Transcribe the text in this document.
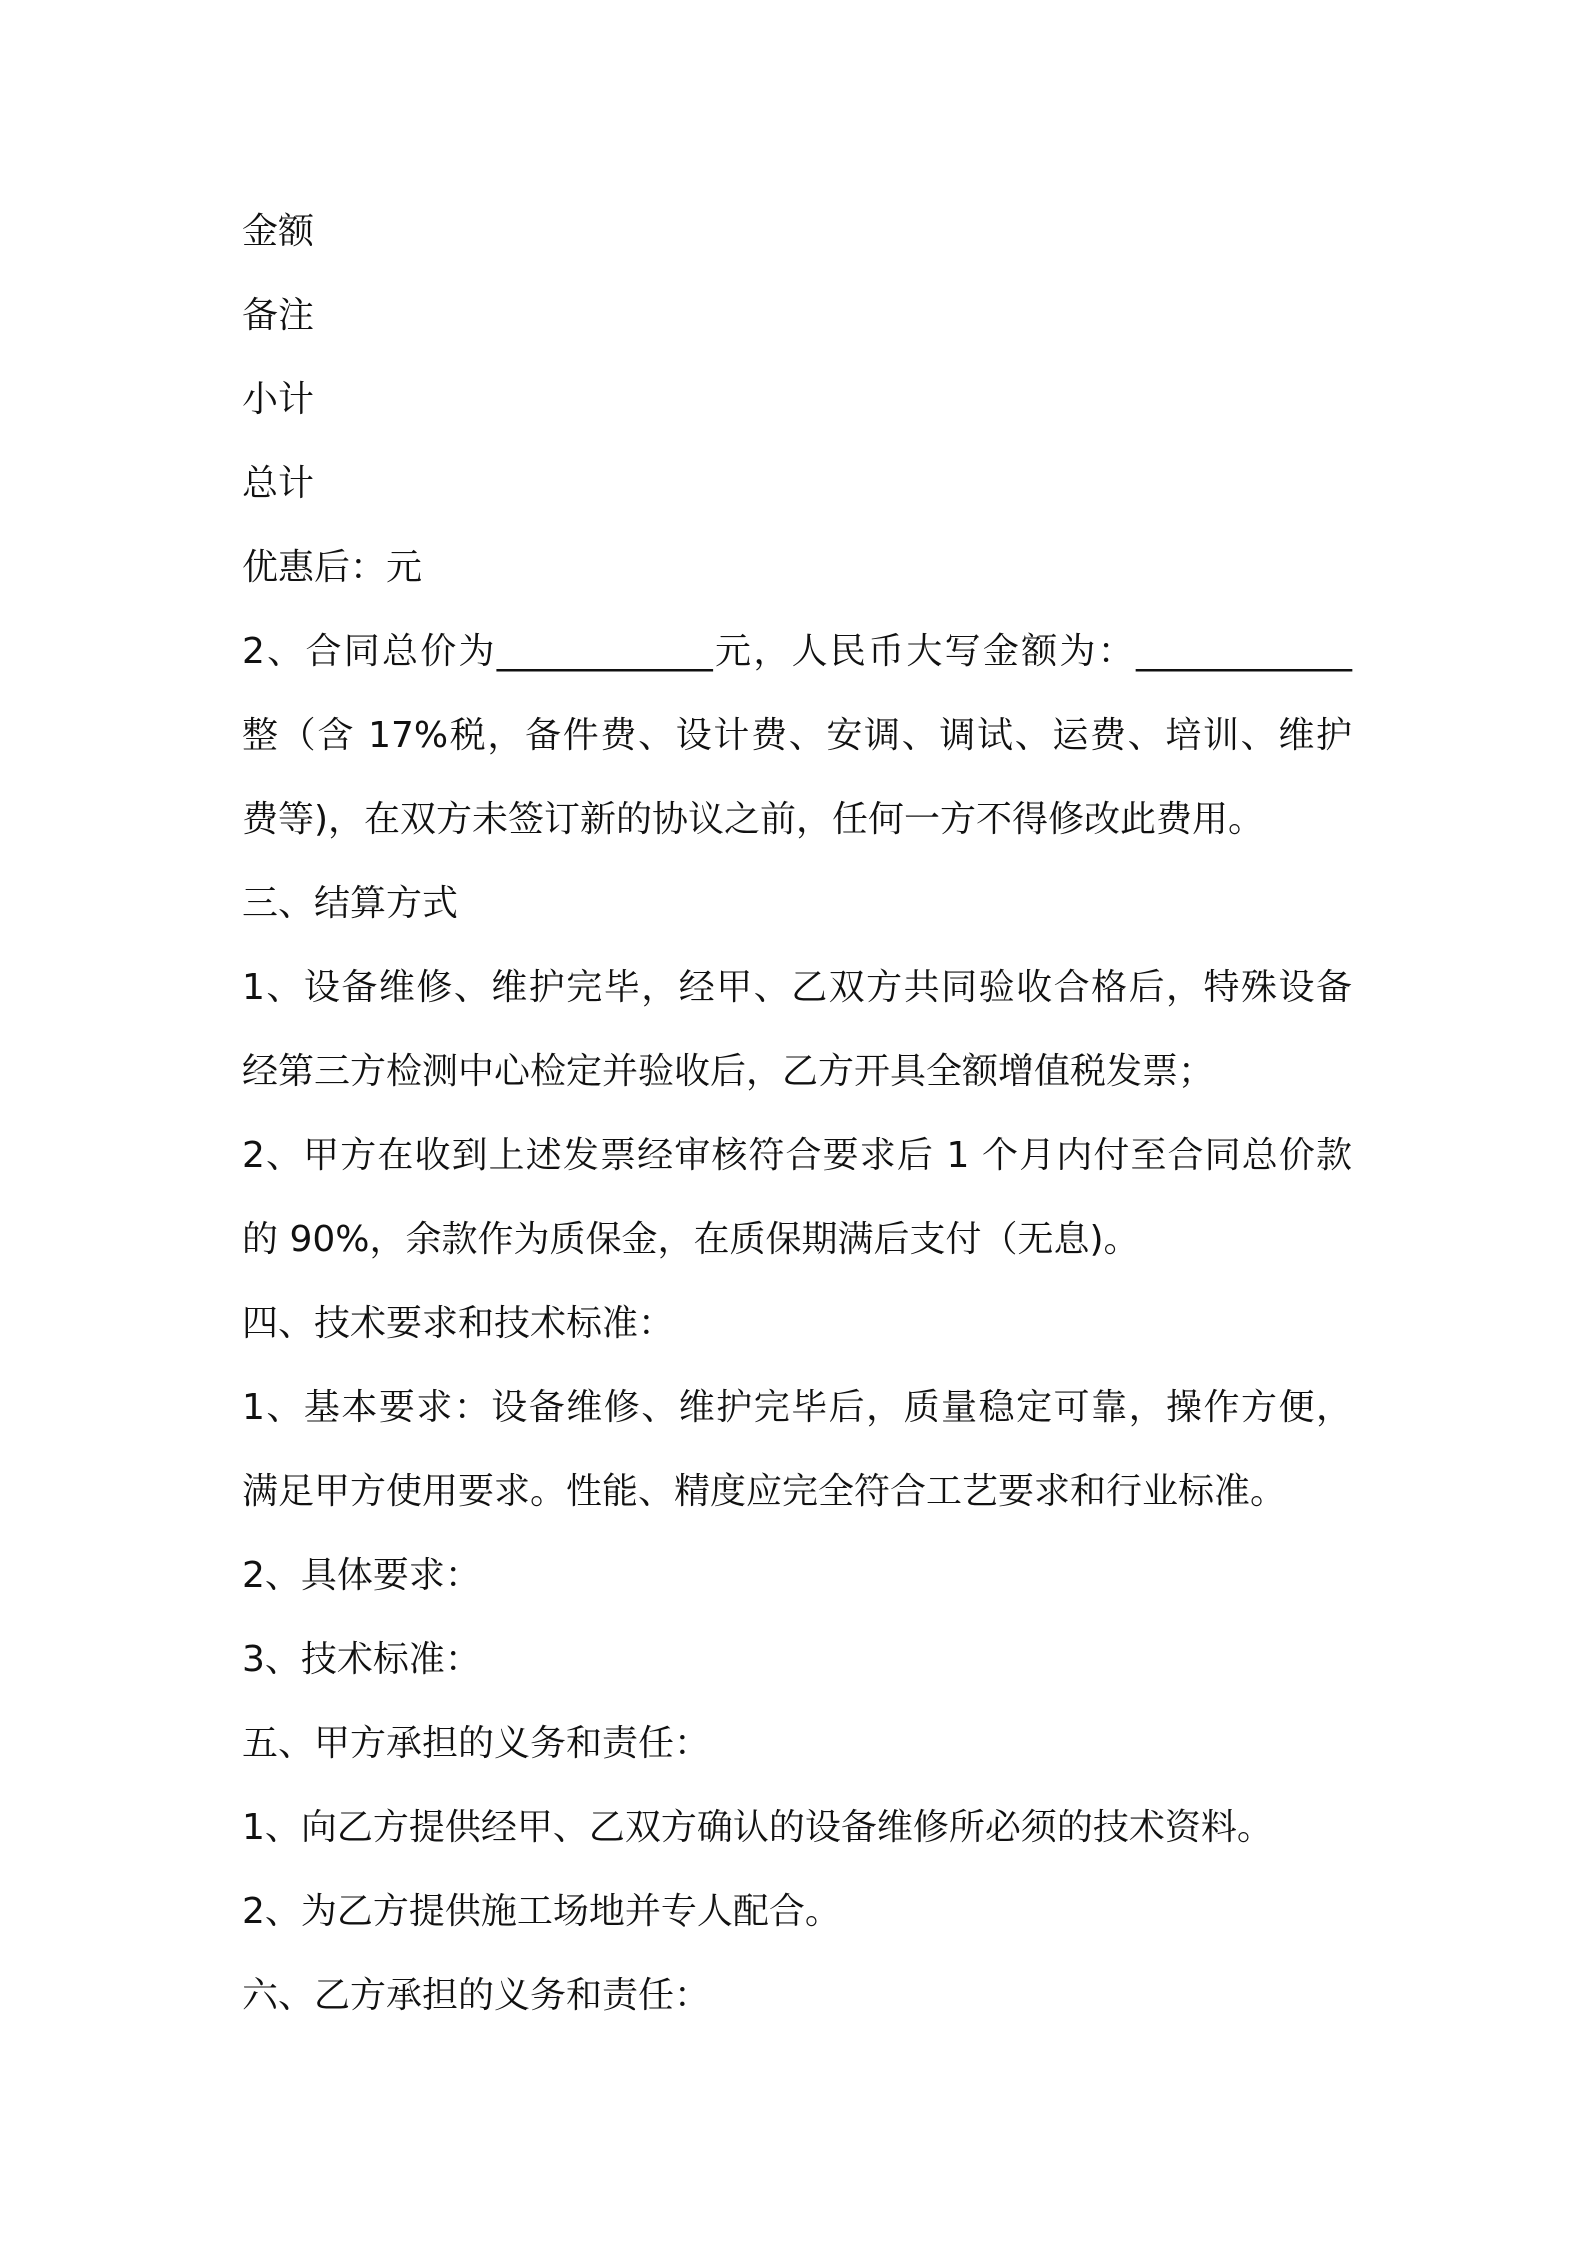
金额

备注

小计

总计

优惠后：元

2、合同总价为____________元，人民币大写金额为：____________

整（含 17%税，备件费、设计费、安调、调试、运费、培训、维护

费等)，在双方未签订新的协议之前，任何一方不得修改此费用。

三、结算方式

1、设备维修、维护完毕，经甲、乙双方共同验收合格后，特殊设备

经第三方检测中心检定并验收后，乙方开具全额增值税发票；

2、甲方在收到上述发票经审核符合要求后 1 个月内付至合同总价款

的 90%，余款作为质保金，在质保期满后支付（无息)。

四、技术要求和技术标准：

1、基本要求：设备维修、维护完毕后，质量稳定可靠，操作方便，

满足甲方使用要求。性能、精度应完全符合工艺要求和行业标准。

2、具体要求：

3、技术标准：

五、甲方承担的义务和责任：

1、向乙方提供经甲、乙双方确认的设备维修所必须的技术资料。

2、为乙方提供施工场地并专人配合。

六、乙方承担的义务和责任：
